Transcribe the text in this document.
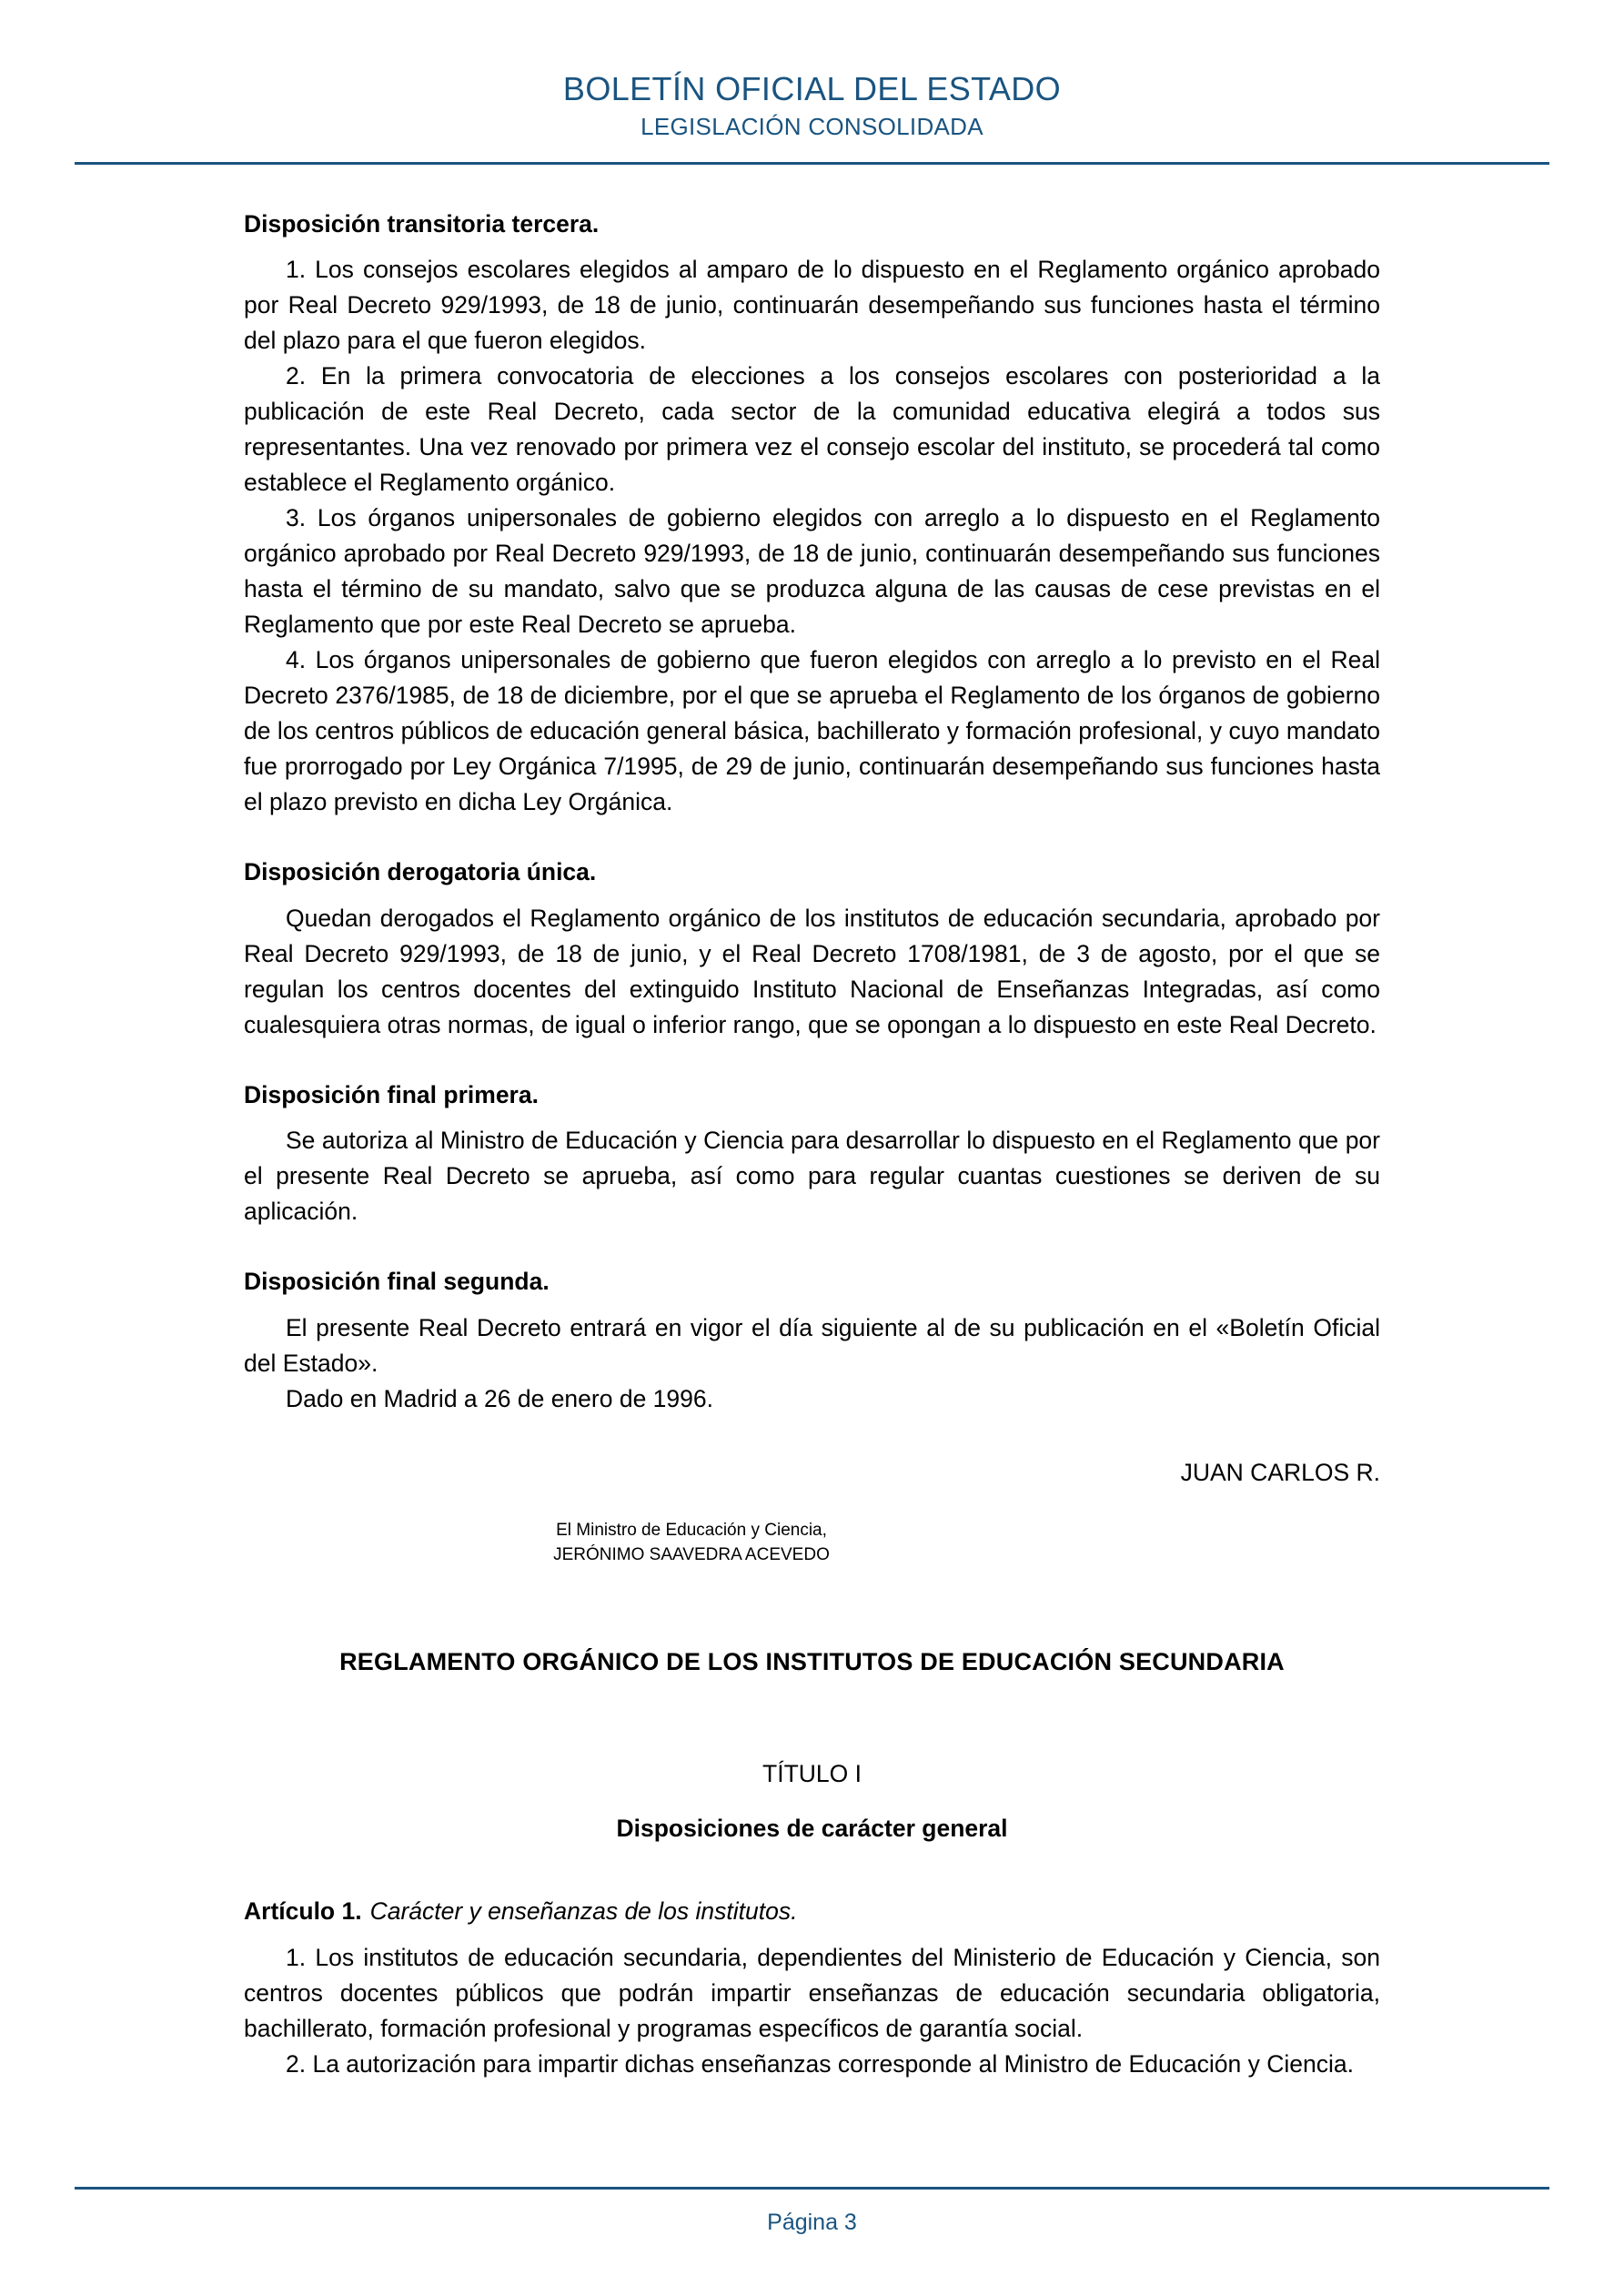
BOLETÍN OFICIAL DEL ESTADO
LEGISLACIÓN CONSOLIDADA
Disposición transitoria tercera.

1. Los consejos escolares elegidos al amparo de lo dispuesto en el Reglamento orgánico aprobado por Real Decreto 929/1993, de 18 de junio, continuarán desempeñando sus funciones hasta el término del plazo para el que fueron elegidos.

2. En la primera convocatoria de elecciones a los consejos escolares con posterioridad a la publicación de este Real Decreto, cada sector de la comunidad educativa elegirá a todos sus representantes. Una vez renovado por primera vez el consejo escolar del instituto, se procederá tal como establece el Reglamento orgánico.

3. Los órganos unipersonales de gobierno elegidos con arreglo a lo dispuesto en el Reglamento orgánico aprobado por Real Decreto 929/1993, de 18 de junio, continuarán desempeñando sus funciones hasta el término de su mandato, salvo que se produzca alguna de las causas de cese previstas en el Reglamento que por este Real Decreto se aprueba.

4. Los órganos unipersonales de gobierno que fueron elegidos con arreglo a lo previsto en el Real Decreto 2376/1985, de 18 de diciembre, por el que se aprueba el Reglamento de los órganos de gobierno de los centros públicos de educación general básica, bachillerato y formación profesional, y cuyo mandato fue prorrogado por Ley Orgánica 7/1995, de 29 de junio, continuarán desempeñando sus funciones hasta el plazo previsto en dicha Ley Orgánica.

Disposición derogatoria única.

Quedan derogados el Reglamento orgánico de los institutos de educación secundaria, aprobado por Real Decreto 929/1993, de 18 de junio, y el Real Decreto 1708/1981, de 3 de agosto, por el que se regulan los centros docentes del extinguido Instituto Nacional de Enseñanzas Integradas, así como cualesquiera otras normas, de igual o inferior rango, que se opongan a lo dispuesto en este Real Decreto.

Disposición final primera.

Se autoriza al Ministro de Educación y Ciencia para desarrollar lo dispuesto en el Reglamento que por el presente Real Decreto se aprueba, así como para regular cuantas cuestiones se deriven de su aplicación.

Disposición final segunda.

El presente Real Decreto entrará en vigor el día siguiente al de su publicación en el «Boletín Oficial del Estado».

Dado en Madrid a 26 de enero de 1996.

JUAN CARLOS R.
El Ministro de Educación y Ciencia,
JERÓNIMO SAAVEDRA ACEVEDO
REGLAMENTO ORGÁNICO DE LOS INSTITUTOS DE EDUCACIÓN SECUNDARIA
TÍTULO I
Disposiciones de carácter general
Artículo 1. Carácter y enseñanzas de los institutos.

1. Los institutos de educación secundaria, dependientes del Ministerio de Educación y Ciencia, son centros docentes públicos que podrán impartir enseñanzas de educación secundaria obligatoria, bachillerato, formación profesional y programas específicos de garantía social.

2. La autorización para impartir dichas enseñanzas corresponde al Ministro de Educación y Ciencia.

Página 3
